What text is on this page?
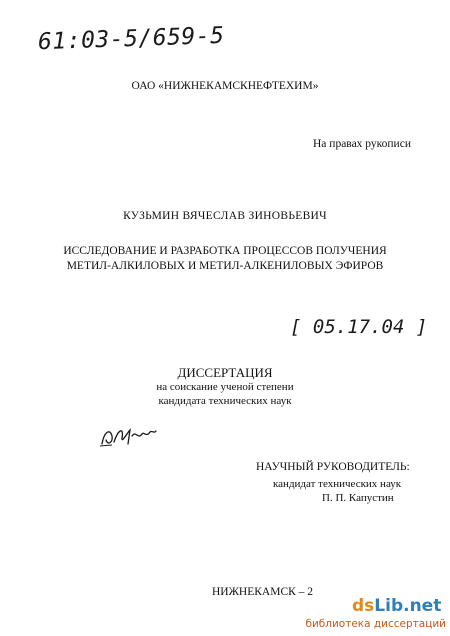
61:03-5/659-5
ОАО «НИЖНЕКАМСКНЕФТЕХИМ»
На правах рукописи
КУЗЬМИН ВЯЧЕСЛАВ ЗИНОВЬЕВИЧ
ИССЛЕДОВАНИЕ И РАЗРАБОТКА ПРОЦЕССОВ ПОЛУЧЕНИЯ
МЕТИЛ-АЛКИЛОВЫХ И МЕТИЛ-АЛКЕНИЛОВЫХ ЭФИРОВ
[ 05.17.04 ]
ДИССЕРТАЦИЯ
на соискание ученой степени
кандидата технических наук
НАУЧНЫЙ РУКОВОДИТЕЛЬ:
кандидат технических наук
П. П. Капустин
НИЖНЕКАМСК – 2
dsLib.net
библиотека диссертаций
